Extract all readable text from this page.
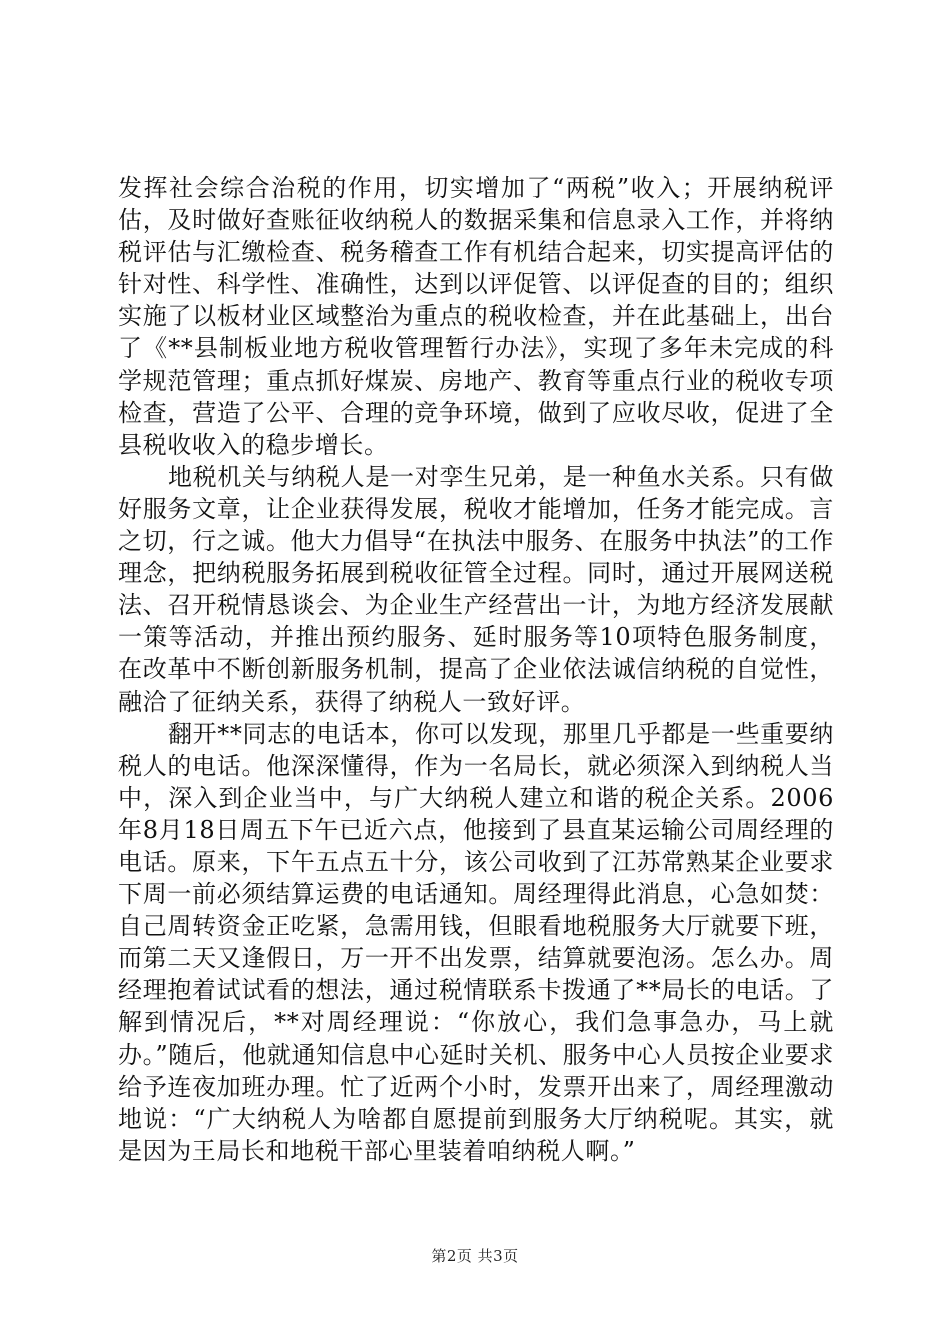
发挥社会综合治税的作用，切实增加了“两税”收入；开展纳税评估，及时做好查账征收纳税人的数据采集和信息录入工作，并将纳税评估与汇缴检查、税务稽查工作有机结合起来，切实提高评估的针对性、科学性、准确性，达到以评促管、以评促查的目的；组织实施了以板材业区域整治为重点的税收检查，并在此基础上，出台了《**县制板业地方税收管理暂行办法》，实现了多年未完成的科学规范管理；重点抓好煤炭、房地产、教育等重点行业的税收专项检查，营造了公平、合理的竞争环境，做到了应收尽收，促进了全县税收收入的稳步增长。

地税机关与纳税人是一对孪生兄弟，是一种鱼水关系。只有做好服务文章，让企业获得发展，税收才能增加，任务才能完成。言之切，行之诚。他大力倡导“在执法中服务、在服务中执法”的工作理念，把纳税服务拓展到税收征管全过程。同时，通过开展网送税法、召开税情恳谈会、为企业生产经营出一计，为地方经济发展献一策等活动，并推出预约服务、延时服务等10项特色服务制度，在改革中不断创新服务机制，提高了企业依法诚信纳税的自觉性，融洽了征纳关系，获得了纳税人一致好评。

翻开**同志的电话本，你可以发现，那里几乎都是一些重要纳税人的电话。他深深懂得，作为一名局长，就必须深入到纳税人当中，深入到企业当中，与广大纳税人建立和谐的税企关系。2006年8月18日周五下午已近六点，他接到了县直某运输公司周经理的电话。原来，下午五点五十分，该公司收到了江苏常熟某企业要求下周一前必须结算运费的电话通知。周经理得此消息，心急如焚：自己周转资金正吃紧，急需用钱，但眼看地税服务大厅就要下班，而第二天又逢假日，万一开不出发票，结算就要泡汤。怎么办。周经理抱着试试看的想法，通过税情联系卡拨通了**局长的电话。了解到情况后，**对周经理说：“你放心，我们急事急办，马上就办。”随后，他就通知信息中心延时关机、服务中心人员按企业要求给予连夜加班办理。忙了近两个小时，发票开出来了，周经理激动地说：“广大纳税人为啥都自愿提前到服务大厅纳税呢。其实，就是因为王局长和地税干部心里装着咱纳税人啊。”

第2页 共3页
